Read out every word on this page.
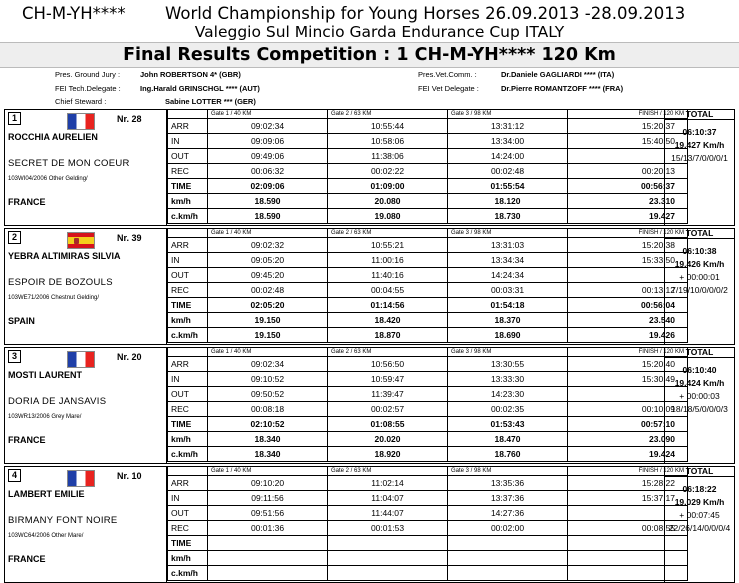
CH-M-YH**** World Championship for Young Horses 26.09.2013 -28.09.2013
Valeggio Sul Mincio Garda Endurance Cup ITALY
Final Results Competition : 1 CH-M-YH**** 120 Km
Pres. Ground Jury :	John ROBERTSON 4* (GBR)
FEI Tech.Delegate :	Ing.Harald GRINSCHGL **** (AUT)
Chief Steward :	Sabine LOTTER *** (GER)
Pres.Vet.Comm. :	Dr.Daniele GAGLIARDI **** (ITA)
FEI Vet Delegate :	Dr.Pierre ROMANTZOFF **** (FRA)
1	Nr. 28
ROCCHIA AURELIEN
SECRET DE MON COEUR
103WI04/2006 Other Gelding/
FRANCE
	Gate 1 / 40 KM	Gate 2 / 63 KM	Gate 3 / 98 KM	FINISH / 120 KM
ARR	09:02:34	10:55:44	13:31:12	15:20:37
IN	09:09:06	10:58:06	13:34:00	15:40:50
OUT	09:49:06	11:38:06	14:24:00	
REC	00:06:32	00:02:22	00:02:48	00:20:13
TIME	02:09:06	01:09:00	01:55:54	00:56:37
km/h	18.590	20.080	18.120	23.310
c.km/h	18.590	19.080	18.730	19.427
TOTAL
06:10:37
19.427 Km/h
15/13/7/0/0/0/1
2	Nr. 39
YEBRA ALTIMIRAS SILVIA
ESPOIR DE BOZOULS
103WE71/2006 Chestnut Gelding/
SPAIN
	Gate 1 / 40 KM	Gate 2 / 63 KM	Gate 3 / 98 KM	FINISH / 120 KM
ARR	09:02:32	10:55:21	13:31:03	15:20:38
IN	09:05:20	11:00:16	13:34:34	15:33:50
OUT	09:45:20	11:40:16	14:24:34	
REC	00:02:48	00:04:55	00:03:31	00:13:12
TIME	02:05:20	01:14:56	01:54:18	00:56:04
km/h	19.150	18.420	18.370	23.540
c.km/h	19.150	18.870	18.690	19.426
TOTAL
06:10:38
19.426 Km/h
+ 00:00:01
7/19/10/0/0/0/2
3	Nr. 20
MOSTI LAURENT
DORIA DE JANSAVIS
103WR13/2006 Grey Mare/
FRANCE
	Gate 1 / 40 KM	Gate 2 / 63 KM	Gate 3 / 98 KM	FINISH / 120 KM
ARR	09:02:34	10:56:50	13:30:55	15:20:40
IN	09:10:52	10:59:47	13:33:30	15:30:49
OUT	09:50:52	11:39:47	14:23:30	
REC	00:08:18	00:02:57	00:02:35	00:10:09
TIME	02:10:52	01:08:55	01:53:43	00:57:10
km/h	18.340	20.020	18.470	23.090
c.km/h	18.340	18.920	18.760	19.424
TOTAL
06:10:40
19.424 Km/h
+ 00:00:03
18/18/5/0/0/0/3
4	Nr. 10
LAMBERT EMILIE
BIRMANY FONT NOIRE
103WC64/2006 Other Mare/
FRANCE
	Gate 1 / 40 KM	Gate 2 / 63 KM	Gate 3 / 98 KM	FINISH / 120 KM
ARR	09:10:20	11:02:14	13:35:36	15:28:22
IN	09:11:56	11:04:07	13:37:36	15:37:17
OUT	09:51:56	11:44:07	14:27:36	
REC	00:01:36	00:01:53	00:02:00	00:08:55
TIME				
km/h				
c.km/h				
TOTAL
06:18:22
19.029 Km/h
+ 00:07:45
22/26/14/0/0/0/4
